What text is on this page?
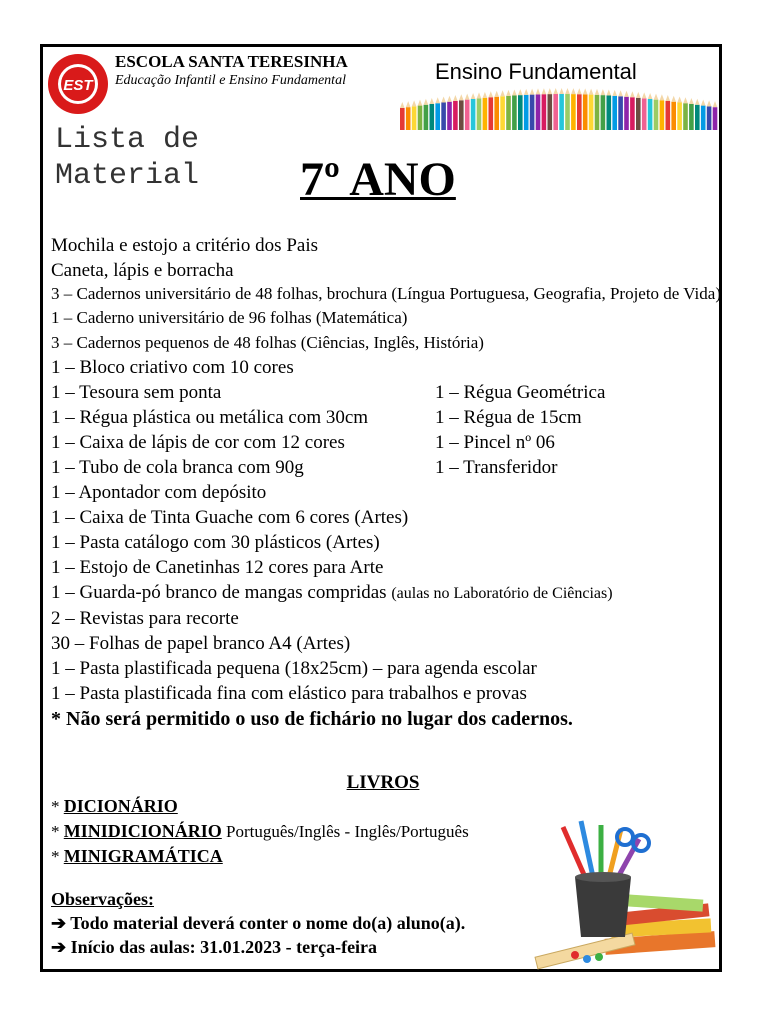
EST
ESCOLA SANTA TERESINHA
Educação Infantil e Ensino Fundamental	Ensino Fundamental
Lista de
Material 7º ANO
Mochila e estojo a critério dos Pais
Caneta, lápis e borracha
3 – Cadernos universitário de 48 folhas, brochura (Língua Portuguesa, Geografia, Projeto de Vida)
1 – Caderno universitário de 96 folhas (Matemática)
3 – Cadernos pequenos de 48 folhas (Ciências, Inglês, História)
1 – Bloco criativo com 10 cores
1 – Tesoura sem ponta	1 – Régua Geométrica
1 – Régua plástica ou metálica com 30cm	1 – Régua de 15cm
1 – Caixa de lápis de cor com 12 cores	1 – Pincel nº 06
1 – Tubo de cola branca com 90g	1 – Transferidor
1 – Apontador com depósito
1 – Caixa de Tinta Guache com 6 cores (Artes)
1 – Pasta catálogo com 30 plásticos (Artes)
1 – Estojo de Canetinhas 12 cores para Arte
1 – Guarda-pó branco de mangas compridas (aulas no Laboratório de Ciências)
2 – Revistas para recorte
30 – Folhas de papel branco A4 (Artes)
1 – Pasta plastificada pequena (18x25cm) – para agenda escolar
1 – Pasta plastificada fina com elástico para trabalhos e provas
* Não será permitido o uso de fichário no lugar dos cadernos.
LIVROS
* DICIONÁRIO
* MINIDICIONÁRIO Português/Inglês - Inglês/Português
* MINIGRAMÁTICA
Observações:
➔ Todo material deverá conter o nome do(a) aluno(a).
➔ Início das aulas: 31.01.2023 - terça-feira
